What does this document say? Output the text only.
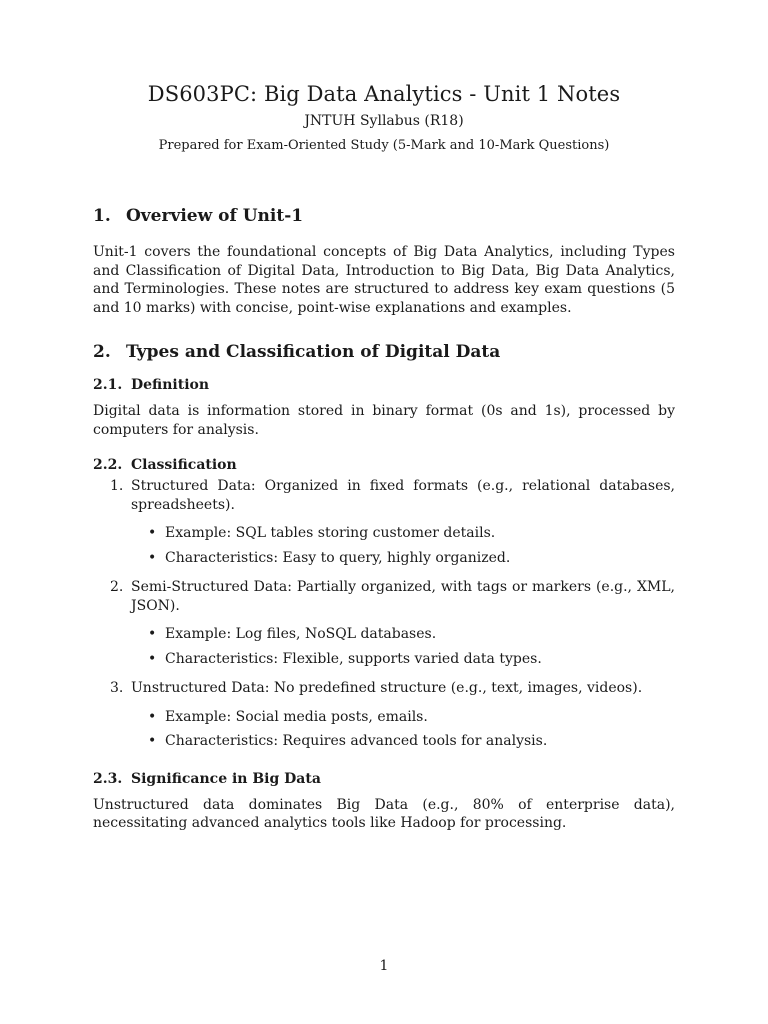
DS603PC: Big Data Analytics - Unit 1 Notes
JNTUH Syllabus (R18)
Prepared for Exam-Oriented Study (5-Mark and 10-Mark Questions)
1. Overview of Unit-1

Unit-1 covers the foundational concepts of Big Data Analytics, including Types and Classification of Digital Data, Introduction to Big Data, Big Data Analytics, and Terminologies. These notes are structured to address key exam questions (5 and 10 marks) with concise, point-wise explanations and examples.

2. Types and Classification of Digital Data
2.1. Definition

Digital data is information stored in binary format (0s and 1s), processed by computers for analysis.

2.2. Classification
1. Structured Data: Organized in fixed formats (e.g., relational databases, spreadsheets).
• Example: SQL tables storing customer details.
• Characteristics: Easy to query, highly organized.
2. Semi-Structured Data: Partially organized, with tags or markers (e.g., XML, JSON).
• Example: Log files, NoSQL databases.
• Characteristics: Flexible, supports varied data types.
3. Unstructured Data: No predefined structure (e.g., text, images, videos).
• Example: Social media posts, emails.
• Characteristics: Requires advanced tools for analysis.
2.3. Significance in Big Data

Unstructured data dominates Big Data (e.g., 80% of enterprise data), necessitating advanced analytics tools like Hadoop for processing.

1
